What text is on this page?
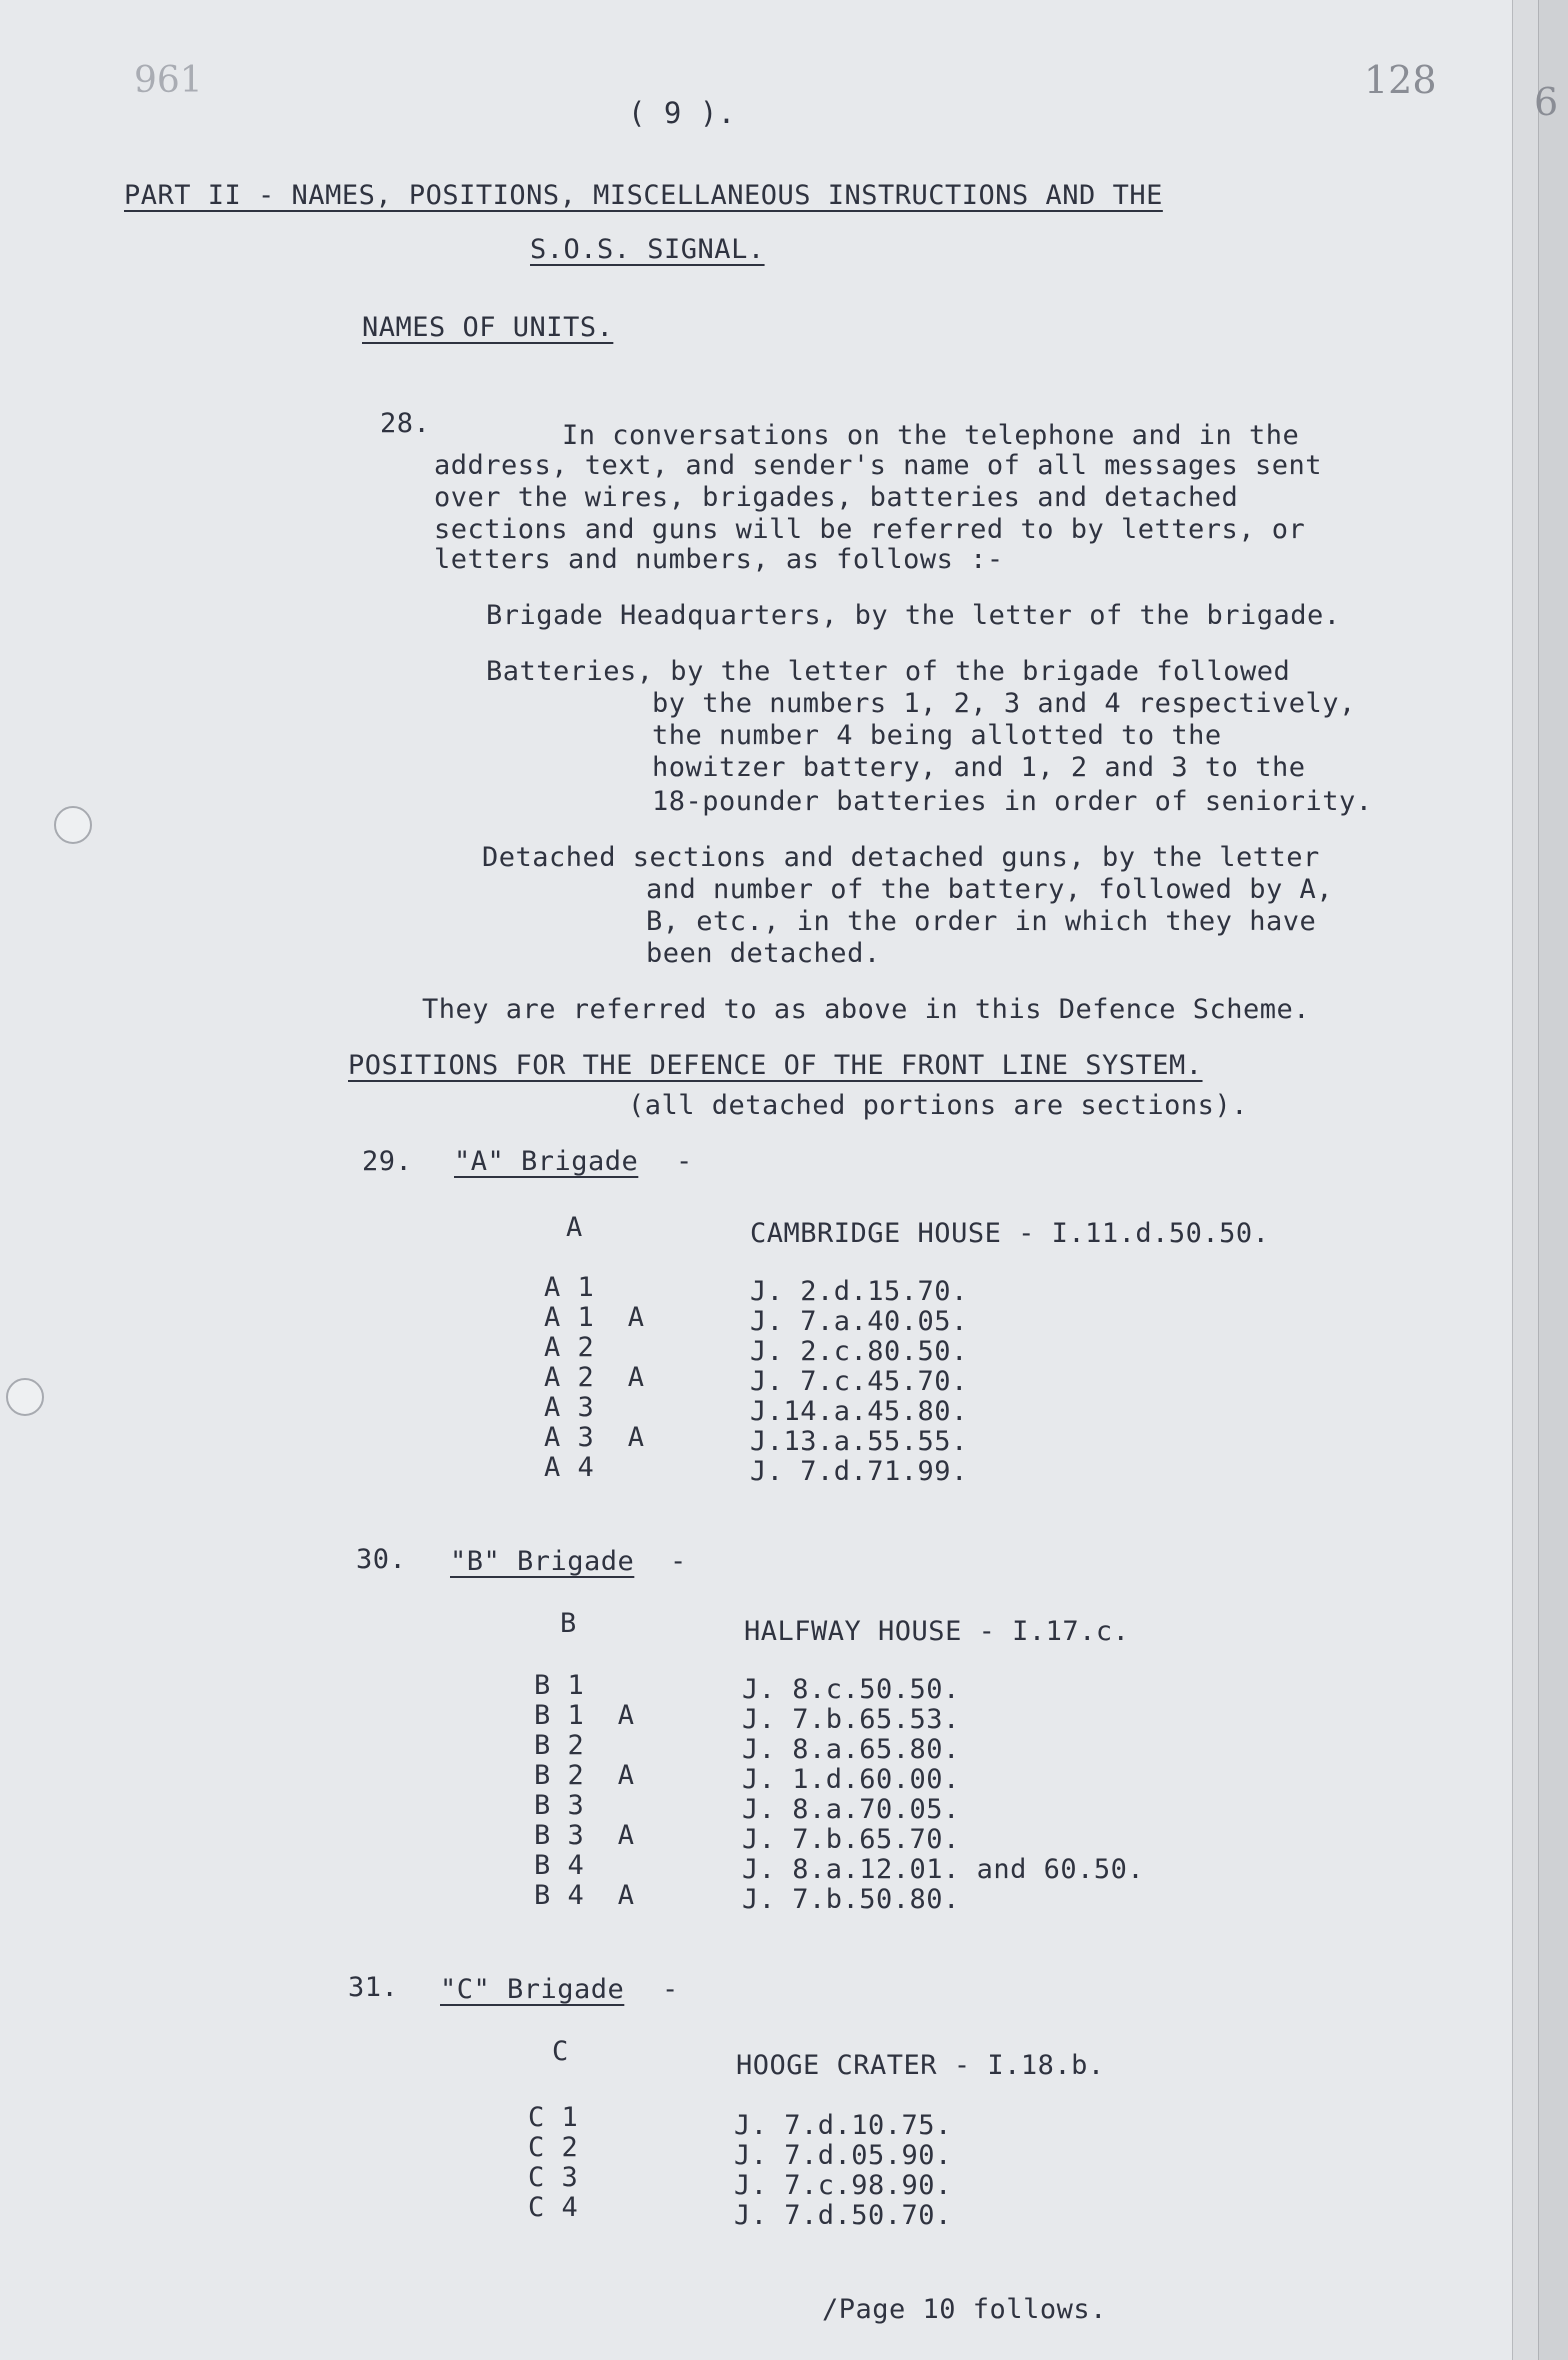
6
961	128
( 9 ).
PART II - NAMES, POSITIONS, MISCELLANEOUS INSTRUCTIONS AND THE
S.O.S. SIGNAL.
NAMES OF UNITS.
28.	In conversations on the telephone and in the
address, text, and sender's name of all messages sent
over the wires, brigades, batteries and detached
sections and guns will be referred to by letters, or
letters and numbers, as follows :-
Brigade Headquarters, by the letter of the brigade.
Batteries, by the letter of the brigade followed
by the numbers 1, 2, 3 and 4 respectively,
the number 4 being allotted to the
howitzer battery, and 1, 2 and 3 to the
18-pounder batteries in order of seniority.
Detached sections and detached guns, by the letter
and number of the battery, followed by A,
B, etc., in the order in which they have
been detached.
They are referred to as above in this Defence Scheme.
POSITIONS FOR THE DEFENCE OF THE FRONT LINE SYSTEM.
(all detached portions are sections).
29. "A" Brigade -
A	CAMBRIDGE HOUSE - I.11.d.50.50.
A 1	J. 2.d.15.70.
A 1  A	J. 7.a.40.05.
A 2	J. 2.c.80.50.
A 2  A	J. 7.c.45.70.
A 3	J.14.a.45.80.
A 3  A	J.13.a.55.55.
A 4	J. 7.d.71.99.
30. "B" Brigade -
B	HALFWAY HOUSE - I.17.c.
B 1	J. 8.c.50.50.
B 1  A	J. 7.b.65.53.
B 2	J. 8.a.65.80.
B 2  A	J. 1.d.60.00.
B 3	J. 8.a.70.05.
B 3  A	J. 7.b.65.70.
B 4	J. 8.a.12.01. and 60.50.
B 4  A	J. 7.b.50.80.
31. "C" Brigade -
C	HOOGE CRATER - I.18.b.
C 1	J. 7.d.10.75.
C 2	J. 7.d.05.90.
C 3	J. 7.c.98.90.
C 4	J. 7.d.50.70.
/Page 10 follows.
